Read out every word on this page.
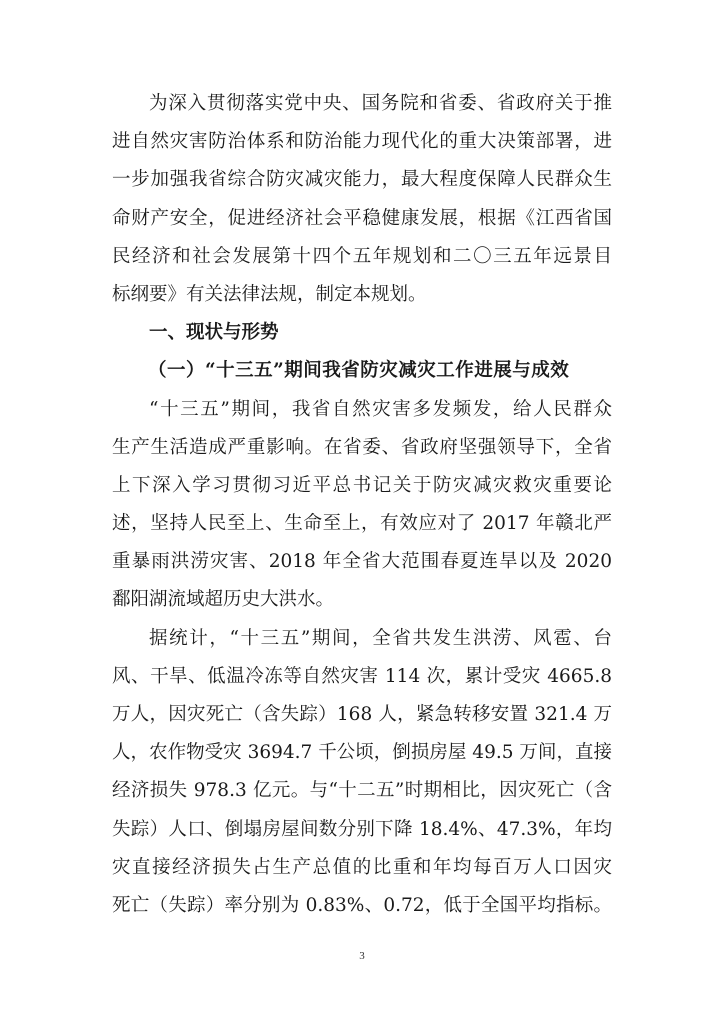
为深入贯彻落实党中央、国务院和省委、省政府关于推
进自然灾害防治体系和防治能力现代化的重大决策部署，进
一步加强我省综合防灾减灾能力，最大程度保障人民群众生
命财产安全，促进经济社会平稳健康发展，根据《江西省国
民经济和社会发展第十四个五年规划和二〇三五年远景目
标纲要》有关法律法规，制定本规划。
一、现状与形势
（一）“十三五”期间我省防灾减灾工作进展与成效
“十三五”期间，我省自然灾害多发频发，给人民群众
生产生活造成严重影响。在省委、省政府坚强领导下，全省
上下深入学习贯彻习近平总书记关于防灾减灾救灾重要论
述，坚持人民至上、生命至上，有效应对了 2017 年赣北严
重暴雨洪涝灾害、2018 年全省大范围春夏连旱以及 2020
鄱阳湖流域超历史大洪水。
据统计，“十三五”期间，全省共发生洪涝、风雹、台
风、干旱、低温冷冻等自然灾害 114 次，累计受灾 4665.8
万人，因灾死亡（含失踪）168 人，紧急转移安置 321.4 万
人，农作物受灾 3694.7 千公顷，倒损房屋 49.5 万间，直接
经济损失 978.3 亿元。与“十二五”时期相比，因灾死亡（含
失踪）人口、倒塌房屋间数分别下降 18.4%、47.3%，年均
灾直接经济损失占生产总值的比重和年均每百万人口因灾
死亡（失踪）率分别为 0.83%、0.72，低于全国平均指标。
3
